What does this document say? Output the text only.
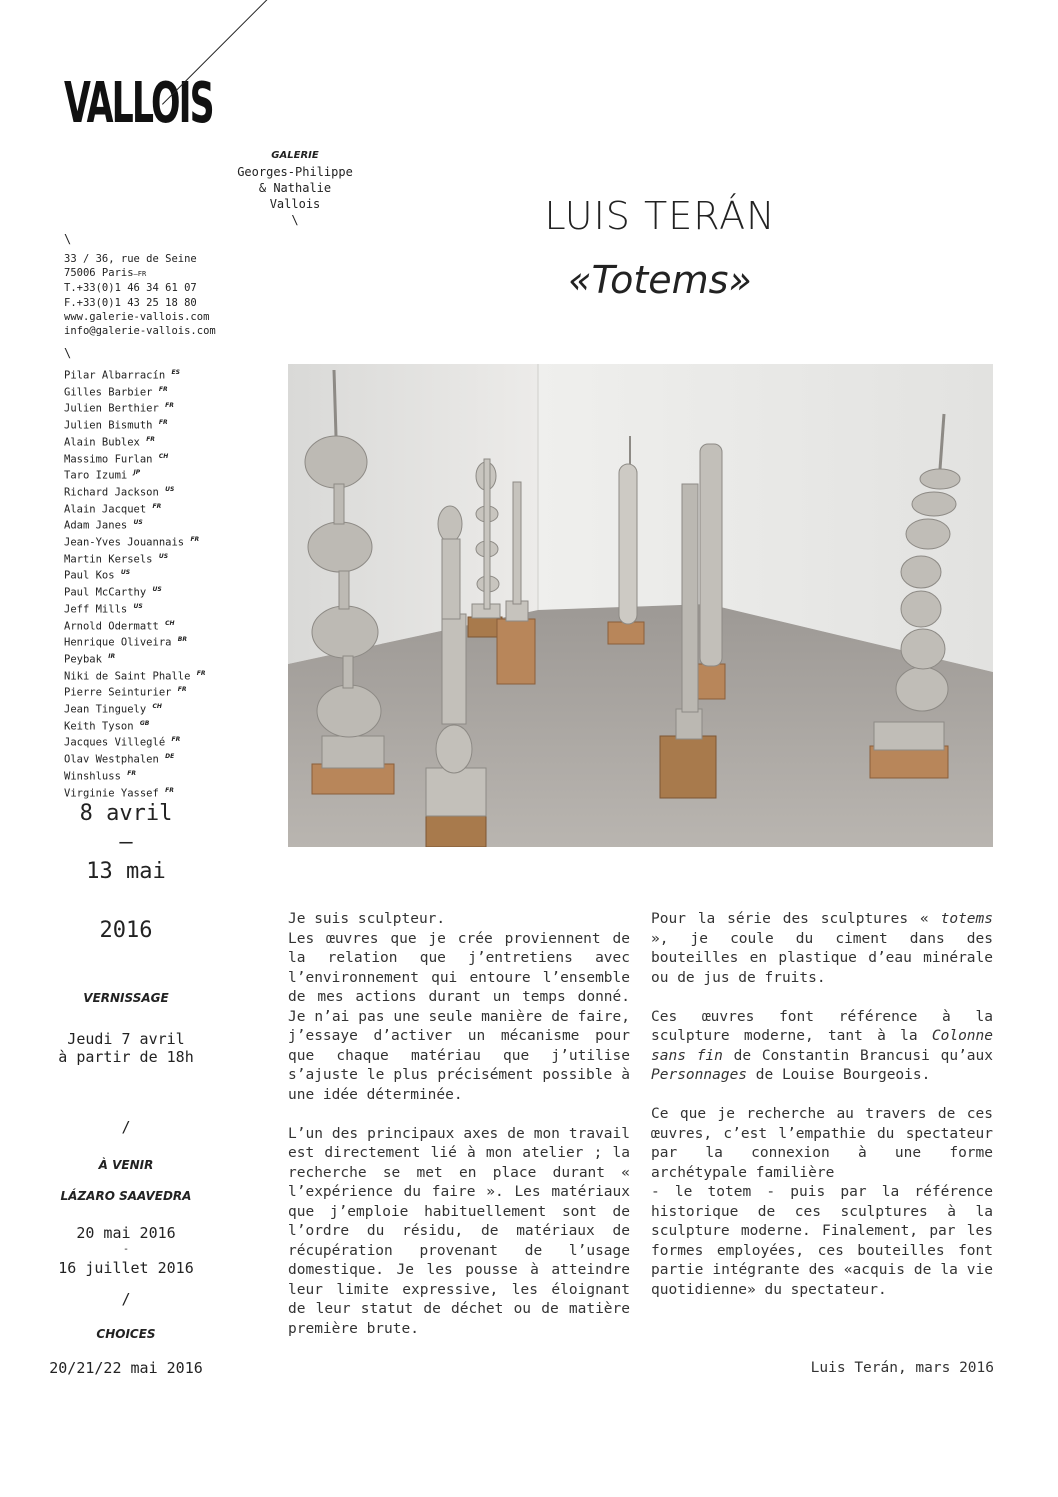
VALLOIS
GALERIE
Georges-Philippe
& Nathalie
Vallois
\
\
33 / 36, rue de Seine
75006 Paris—FR
T.+33(0)1 46 34 61 07
F.+33(0)1 43 25 18 80
www.galerie-vallois.com
info@galerie-vallois.com
\
Pilar Albarracín $^{ES}$
Gilles Barbier $^{FR}$
Julien Berthier $^{FR}$
Julien Bismuth $^{FR}$
Alain Bublex $^{FR}$
Massimo Furlan $^{CH}$
Taro Izumi $^{JP}$
Richard Jackson $^{US}$
Alain Jacquet $^{FR}$
Adam Janes $^{US}$
Jean-Yves Jouannais $^{FR}$
Martin Kersels $^{US}$
Paul Kos $^{US}$
Paul McCarthy $^{US}$
Jeff Mills $^{US}$
Arnold Odermatt $^{CH}$
Henrique Oliveira $^{BR}$
Peybak $^{IR}$
Niki de Saint Phalle $^{FR}$
Pierre Seinturier $^{FR}$
Jean Tinguely $^{CH}$
Keith Tyson $^{GB}$
Jacques Villeglé $^{FR}$
Olav Westphalen $^{DE}$
Winshluss $^{FR}$
Virginie Yassef $^{FR}$
8 avril
—
13 mai
2016
VERNISSAGE
Jeudi 7 avril
à partir de 18h
/
À VENIR
LÁZARO SAAVEDRA
20 mai 2016
-
16 juillet 2016
/
CHOICES
20/21/22 mai 2016
LUIS TERÁN
«Totems»

Je suis sculpteur.
Les œuvres que je crée proviennent de la relation que j’entretiens avec l’environnement qui entoure l’ensemble de mes actions durant un temps donné. Je n’ai pas une seule manière de faire, j’essaye d’activer un mécanisme pour que chaque matériau que j’utilise s’ajuste le plus précisément possible à une idée déterminée.

L’un des principaux axes de mon travail est directement lié à mon atelier ; la recherche se met en place durant « l’expérience du faire ». Les matériaux que j’emploie habituellement sont de l’ordre du résidu, de matériaux de récupération provenant de l’usage domestique. Je les pousse à atteindre leur limite expressive, les éloignant de leur statut de déchet ou de matière première brute.

Pour la série des sculptures « totems », je coule du ciment dans des bouteilles en plastique d’eau minérale ou de jus de fruits.

Ces œuvres font référence à la sculpture moderne, tant à la Colonne sans fin de Constantin Brancusi qu’aux Personnages de Louise Bourgeois.

Ce que je recherche au travers de ces œuvres, c’est l’empathie du spectateur par la connexion à une forme archétypale familière
- le totem - puis par la référence historique de ces sculptures à la sculpture moderne. Finalement, par les formes employées, ces bouteilles font partie intégrante des «acquis de la vie quotidienne» du spectateur.

Luis Terán, mars 2016
